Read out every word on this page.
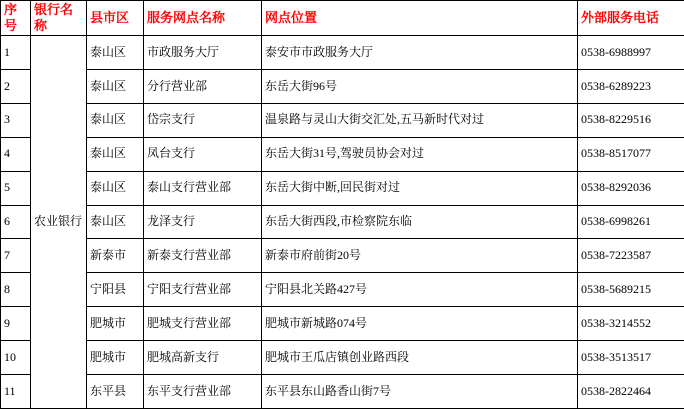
序号	银行名称	县市区	服务网点名称	网点位置	外部服务电话
1	农业银行	泰山区	市政服务大厅	泰安市市政服务大厅	0538-6988997
2		泰山区	分行营业部	东岳大街96号	0538-6289223
3		泰山区	岱宗支行	温泉路与灵山大街交汇处,五马新时代对过	0538-8229516
4		泰山区	凤台支行	东岳大街31号,驾驶员协会对过	0538-8517077
5		泰山区	泰山支行营业部	东岳大街中断,回民街对过	0538-8292036
6		泰山区	龙泽支行	东岳大街西段,市检察院东临	0538-6998261
7		新泰市	新泰支行营业部	新泰市府前街20号	0538-7223587
8		宁阳县	宁阳支行营业部	宁阳县北关路427号	0538-5689215
9		肥城市	肥城支行营业部	肥城市新城路074号	0538-3214552
10		肥城市	肥城高新支行	肥城市王瓜店镇创业路西段	0538-3513517
11		东平县	东平支行营业部	东平县东山路香山街7号	0538-2822464
